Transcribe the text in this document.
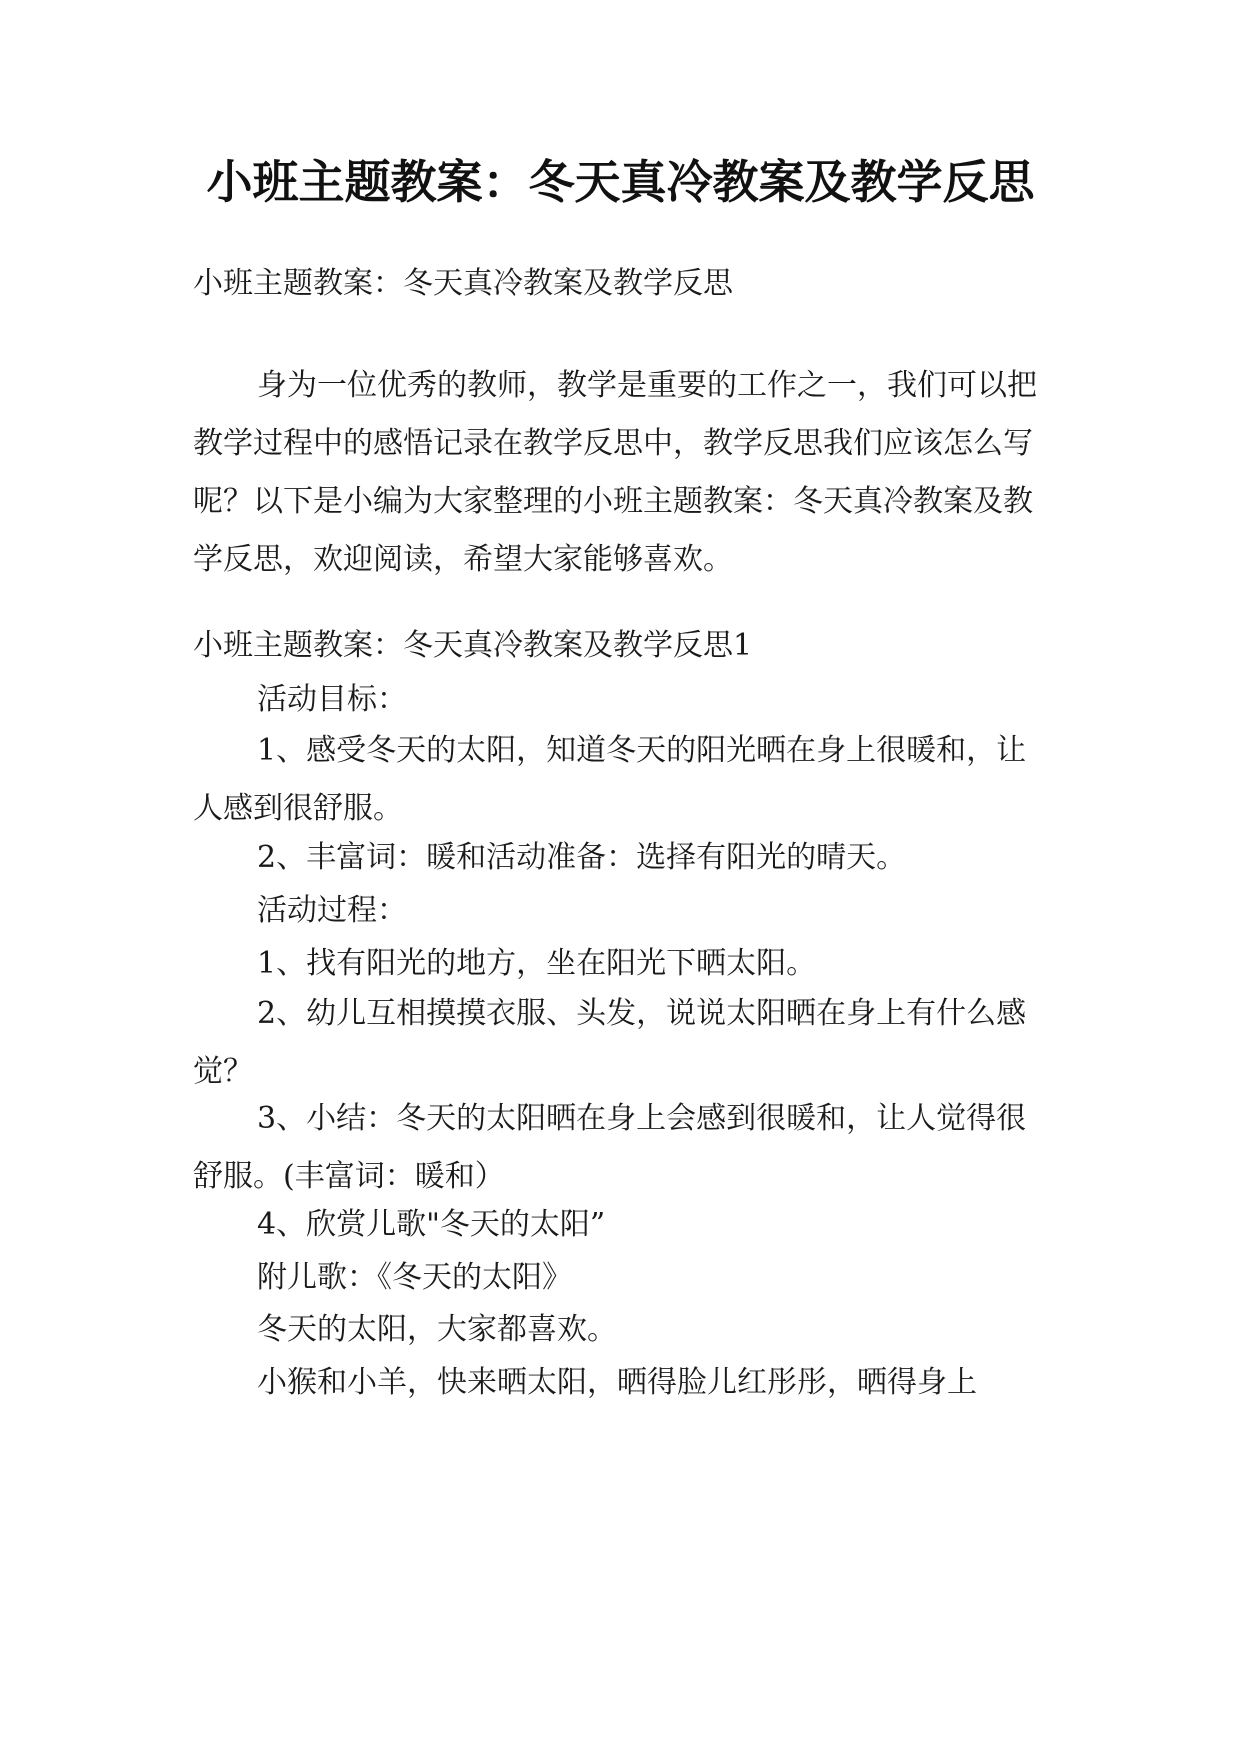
小班主题教案：冬天真冷教案及教学反思
小班主题教案：冬天真冷教案及教学反思

身为一位优秀的教师，教学是重要的工作之一，我们可以把教学过程中的感悟记录在教学反思中，教学反思我们应该怎么写呢？以下是小编为大家整理的小班主题教案：冬天真冷教案及教学反思，欢迎阅读，希望大家能够喜欢。

小班主题教案：冬天真冷教案及教学反思1
活动目标：

1、感受冬天的太阳，知道冬天的阳光晒在身上很暖和，让人感到很舒服。

2、丰富词：暖和活动准备：选择有阳光的晴天。
活动过程：
1、找有阳光的地方，坐在阳光下晒太阳。

2、幼儿互相摸摸衣服、头发，说说太阳晒在身上有什么感觉？

3、小结：冬天的太阳晒在身上会感到很暖和，让人觉得很舒服。(丰富词：暖和）

4、欣赏儿歌"冬天的太阳”
附儿歌：《冬天的太阳》
冬天的太阳，大家都喜欢。
小猴和小羊，快来晒太阳，晒得脸儿红彤彤，晒得身上
